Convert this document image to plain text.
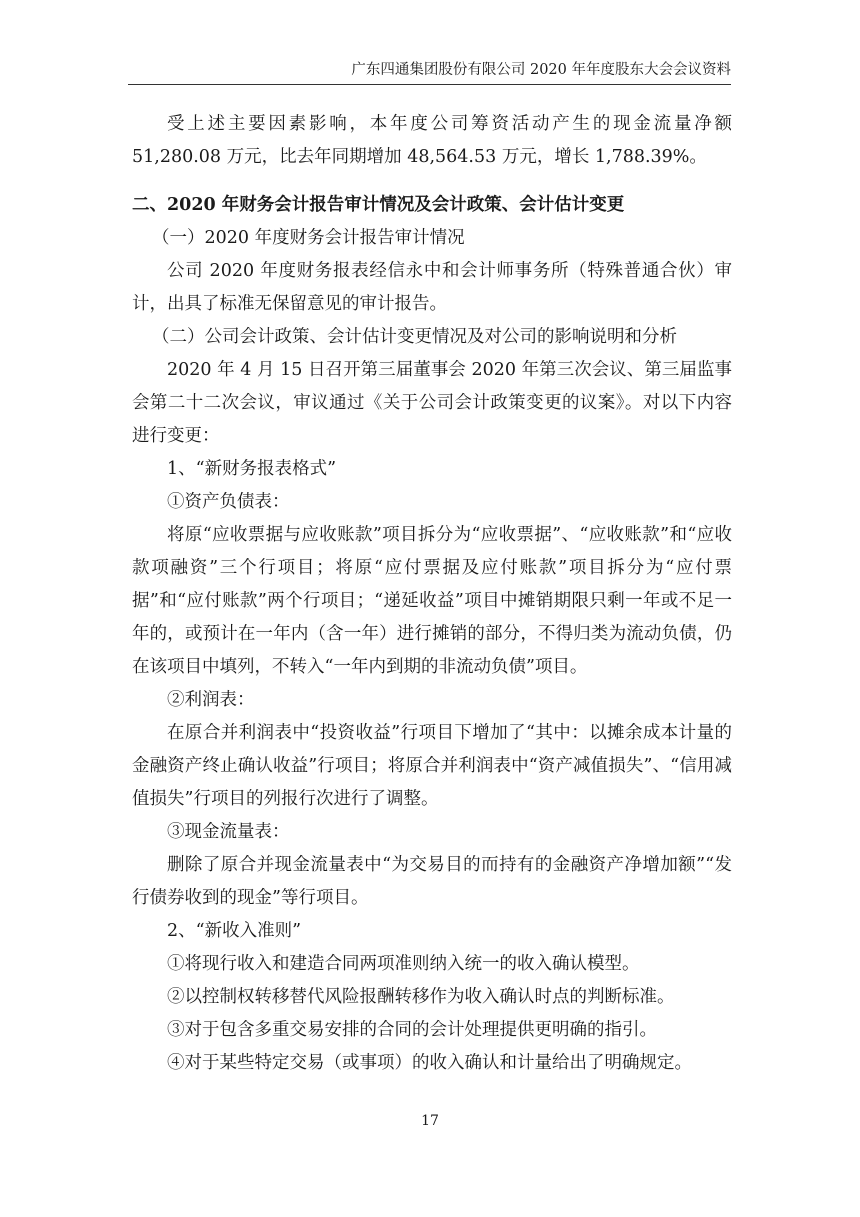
广东四通集团股份有限公司 2020 年年度股东大会会议资料

受上述主要因素影响，本年度公司筹资活动产生的现金流量净额 51,280.08 万元，比去年同期增加 48,564.53 万元，增长 1,788.39%。

二、2020 年财务会计报告审计情况及会计政策、会计估计变更

（一）2020 年度财务会计报告审计情况

公司 2020 年度财务报表经信永中和会计师事务所（特殊普通合伙）审计，出具了标准无保留意见的审计报告。

（二）公司会计政策、会计估计变更情况及对公司的影响说明和分析

2020 年 4 月 15 日召开第三届董事会 2020 年第三次会议、第三届监事会第二十二次会议，审议通过《关于公司会计政策变更的议案》。对以下内容进行变更：

1、“新财务报表格式”

①资产负债表：

将原“应收票据与应收账款”项目拆分为“应收票据”、“应收账款”和“应收款项融资”三个行项目；将原“应付票据及应付账款”项目拆分为“应付票据”和“应付账款”两个行项目；“递延收益”项目中摊销期限只剩一年或不足一年的，或预计在一年内（含一年）进行摊销的部分，不得归类为流动负债，仍在该项目中填列，不转入“一年内到期的非流动负债”项目。

②利润表：

在原合并利润表中“投资收益”行项目下增加了“其中：以摊余成本计量的金融资产终止确认收益”行项目；将原合并利润表中“资产减值损失”、“信用减值损失”行项目的列报行次进行了调整。

③现金流量表：

删除了原合并现金流量表中“为交易目的而持有的金融资产净增加额”“发行债券收到的现金”等行项目。

2、“新收入准则”

①将现行收入和建造合同两项准则纳入统一的收入确认模型。

②以控制权转移替代风险报酬转移作为收入确认时点的判断标准。

③对于包含多重交易安排的合同的会计处理提供更明确的指引。

④对于某些特定交易（或事项）的收入确认和计量给出了明确规定。

17
